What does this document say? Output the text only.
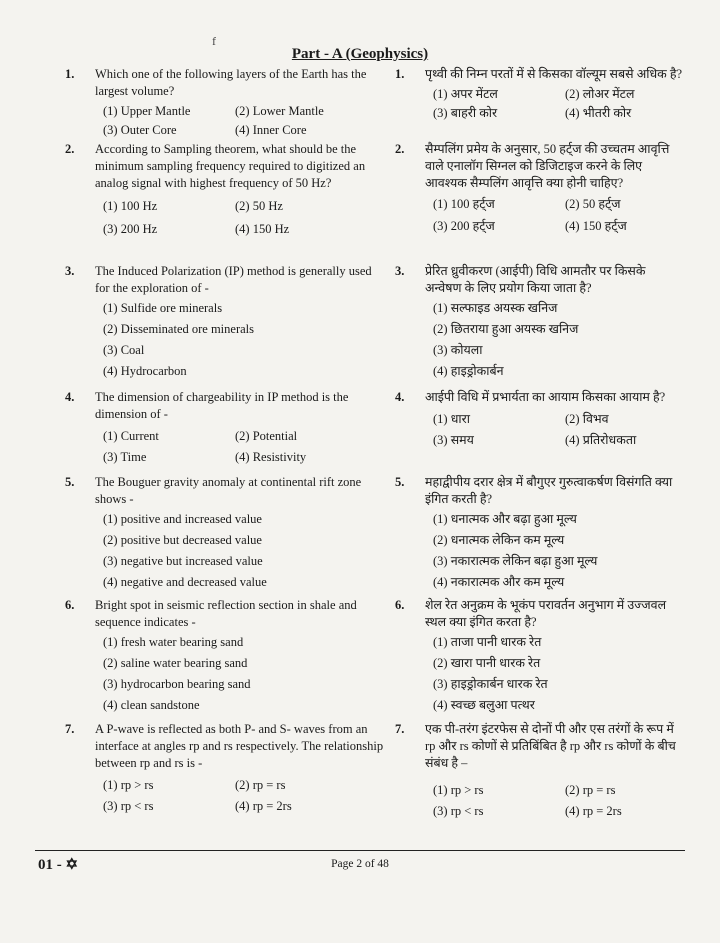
f
Part - A (Geophysics)
1. Which one of the following layers of the Earth has the largest volume?
(1) Upper Mantle	(2) Lower Mantle
(3) Outer Core	(4) Inner Core
2. According to Sampling theorem, what should be the minimum sampling frequency required to digitized an analog signal with highest frequency of 50 Hz?
(1) 100 Hz	(2) 50 Hz
(3) 200 Hz	(4) 150 Hz
3. The Induced Polarization (IP) method is generally used for the exploration of -
(1) Sulfide ore minerals
(2) Disseminated ore minerals
(3) Coal
(4) Hydrocarbon
4. The dimension of chargeability in IP method is the dimension of -
(1) Current	(2) Potential
(3) Time	(4) Resistivity
5. The Bouguer gravity anomaly at continental rift zone shows -
(1) positive and increased value
(2) positive but decreased value
(3) negative but increased value
(4) negative and decreased value
6. Bright spot in seismic reflection section in shale and sequence indicates -
(1) fresh water bearing sand
(2) saline water bearing sand
(3) hydrocarbon bearing sand
(4) clean sandstone
7. A P-wave is reflected as both P- and S- waves from an interface at angles rp and rs respectively. The relationship between rp and rs is -
(1) rp > rs	(2) rp = rs
(3) rp < rs	(4) rp = 2rs
1.	पृथ्वी की निम्न परतों में से किसका वॉल्यूम सबसे अधिक है?
(1) अपर मेंटल	(2) लोअर मेंटल
(3) बाहरी कोर	(4) भीतरी कोर
2.	सैम्पलिंग प्रमेय के अनुसार, 50 हर्ट्ज की उच्चतम आवृत्ति वाले एनालॉग सिग्नल को डिजिटाइज करने के लिए आवश्यक सैम्पलिंग आवृत्ति क्या होनी चाहिए?
(1) 100 हर्ट्ज	(2) 50 हर्ट्ज
(3) 200 हर्ट्ज	(4) 150 हर्ट्ज
3.	प्रेरित ध्रुवीकरण (आईपी) विधि आमतौर पर किसके अन्वेषण के लिए प्रयोग किया जाता है?
(1) सल्फाइड अयस्क खनिज
(2) छितराया हुआ अयस्क खनिज
(3) कोयला
(4) हाइड्रोकार्बन
4.	आईपी विधि में प्रभार्यता का आयाम किसका आयाम है?
(1) धारा	(2) विभव
(3) समय	(4) प्रतिरोधकता
5.	महाद्वीपीय दरार क्षेत्र में बौगुएर गुरुत्वाकर्षण विसंगति क्या इंगित करती है?
(1) धनात्मक और बढ़ा हुआ मूल्य
(2) धनात्मक लेकिन कम मूल्य
(3) नकारात्मक लेकिन बढ़ा हुआ मूल्य
(4) नकारात्मक और कम मूल्य
6.	शेल रेत अनुक्रम के भूकंप परावर्तन अनुभाग में उज्जवल स्थल क्या इंगित करता है?
(1) ताजा पानी धारक रेत
(2) खारा पानी धारक रेत
(3) हाइड्रोकार्बन धारक रेत
(4) स्वच्छ बलुआ पत्थर
7.	एक पी-तरंग इंटरफेस से दोनों पी और एस तरंगों के रूप में rp और rs कोणों से प्रतिबिंबित है rp और rs कोणों के बीच संबंध है –
(1) rp > rs	(2) rp = rs
(3) rp < rs	(4) rp = 2rs
01 - ✡	Page 2 of 48
